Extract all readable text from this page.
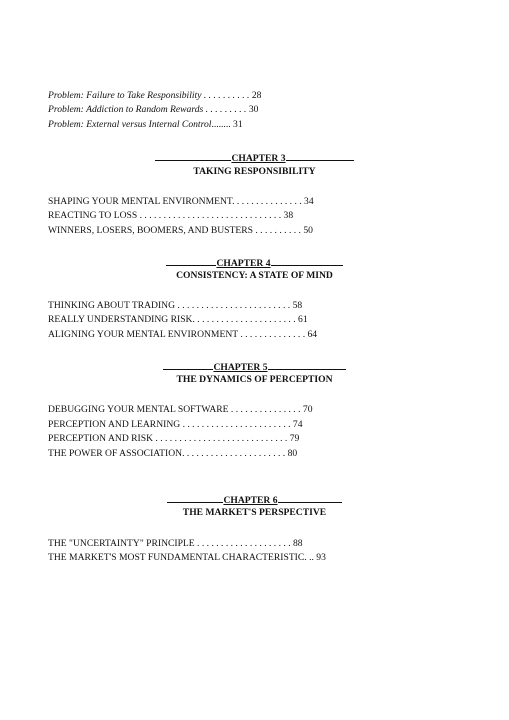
Problem: Failure to Take Responsibility . . . . . . . . . . 28
Problem: Addiction to Random Rewards . . . . . . . . . 30
Problem: External versus Internal Control........ 31
CHAPTER 3
TAKING RESPONSIBILITY
SHAPING YOUR MENTAL ENVIRONMENT. . . . . . . . . . . . . . . 34
REACTING TO LOSS . . . . . . . . . . . . . . . . . . . . . . . . . . . . . . 38
WINNERS, LOSERS, BOOMERS, AND BUSTERS . . . . . . . . . . 50
CHAPTER 4
CONSISTENCY: A STATE OF MIND
THINKING ABOUT TRADING . . . . . . . . . . . . . . . . . . . . . . . . 58
REALLY UNDERSTANDING RISK. . . . . . . . . . . . . . . . . . . . . . 61
ALIGNING YOUR MENTAL ENVIRONMENT . . . . . . . . . . . . . . 64
CHAPTER 5
THE DYNAMICS OF PERCEPTION
DEBUGGING YOUR MENTAL SOFTWARE . . . . . . . . . . . . . . . 70
PERCEPTION AND LEARNING . . . . . . . . . . . . . . . . . . . . . . . 74
PERCEPTION AND RISK . . . . . . . . . . . . . . . . . . . . . . . . . . . . 79
THE POWER OF ASSOCIATION. . . . . . . . . . . . . . . . . . . . . . 80
CHAPTER 6
THE MARKET'S PERSPECTIVE
THE "UNCERTAINTY" PRINCIPLE . . . . . . . . . . . . . . . . . . . . 88
THE MARKET'S MOST FUNDAMENTAL CHARACTERISTIC. .. 93
